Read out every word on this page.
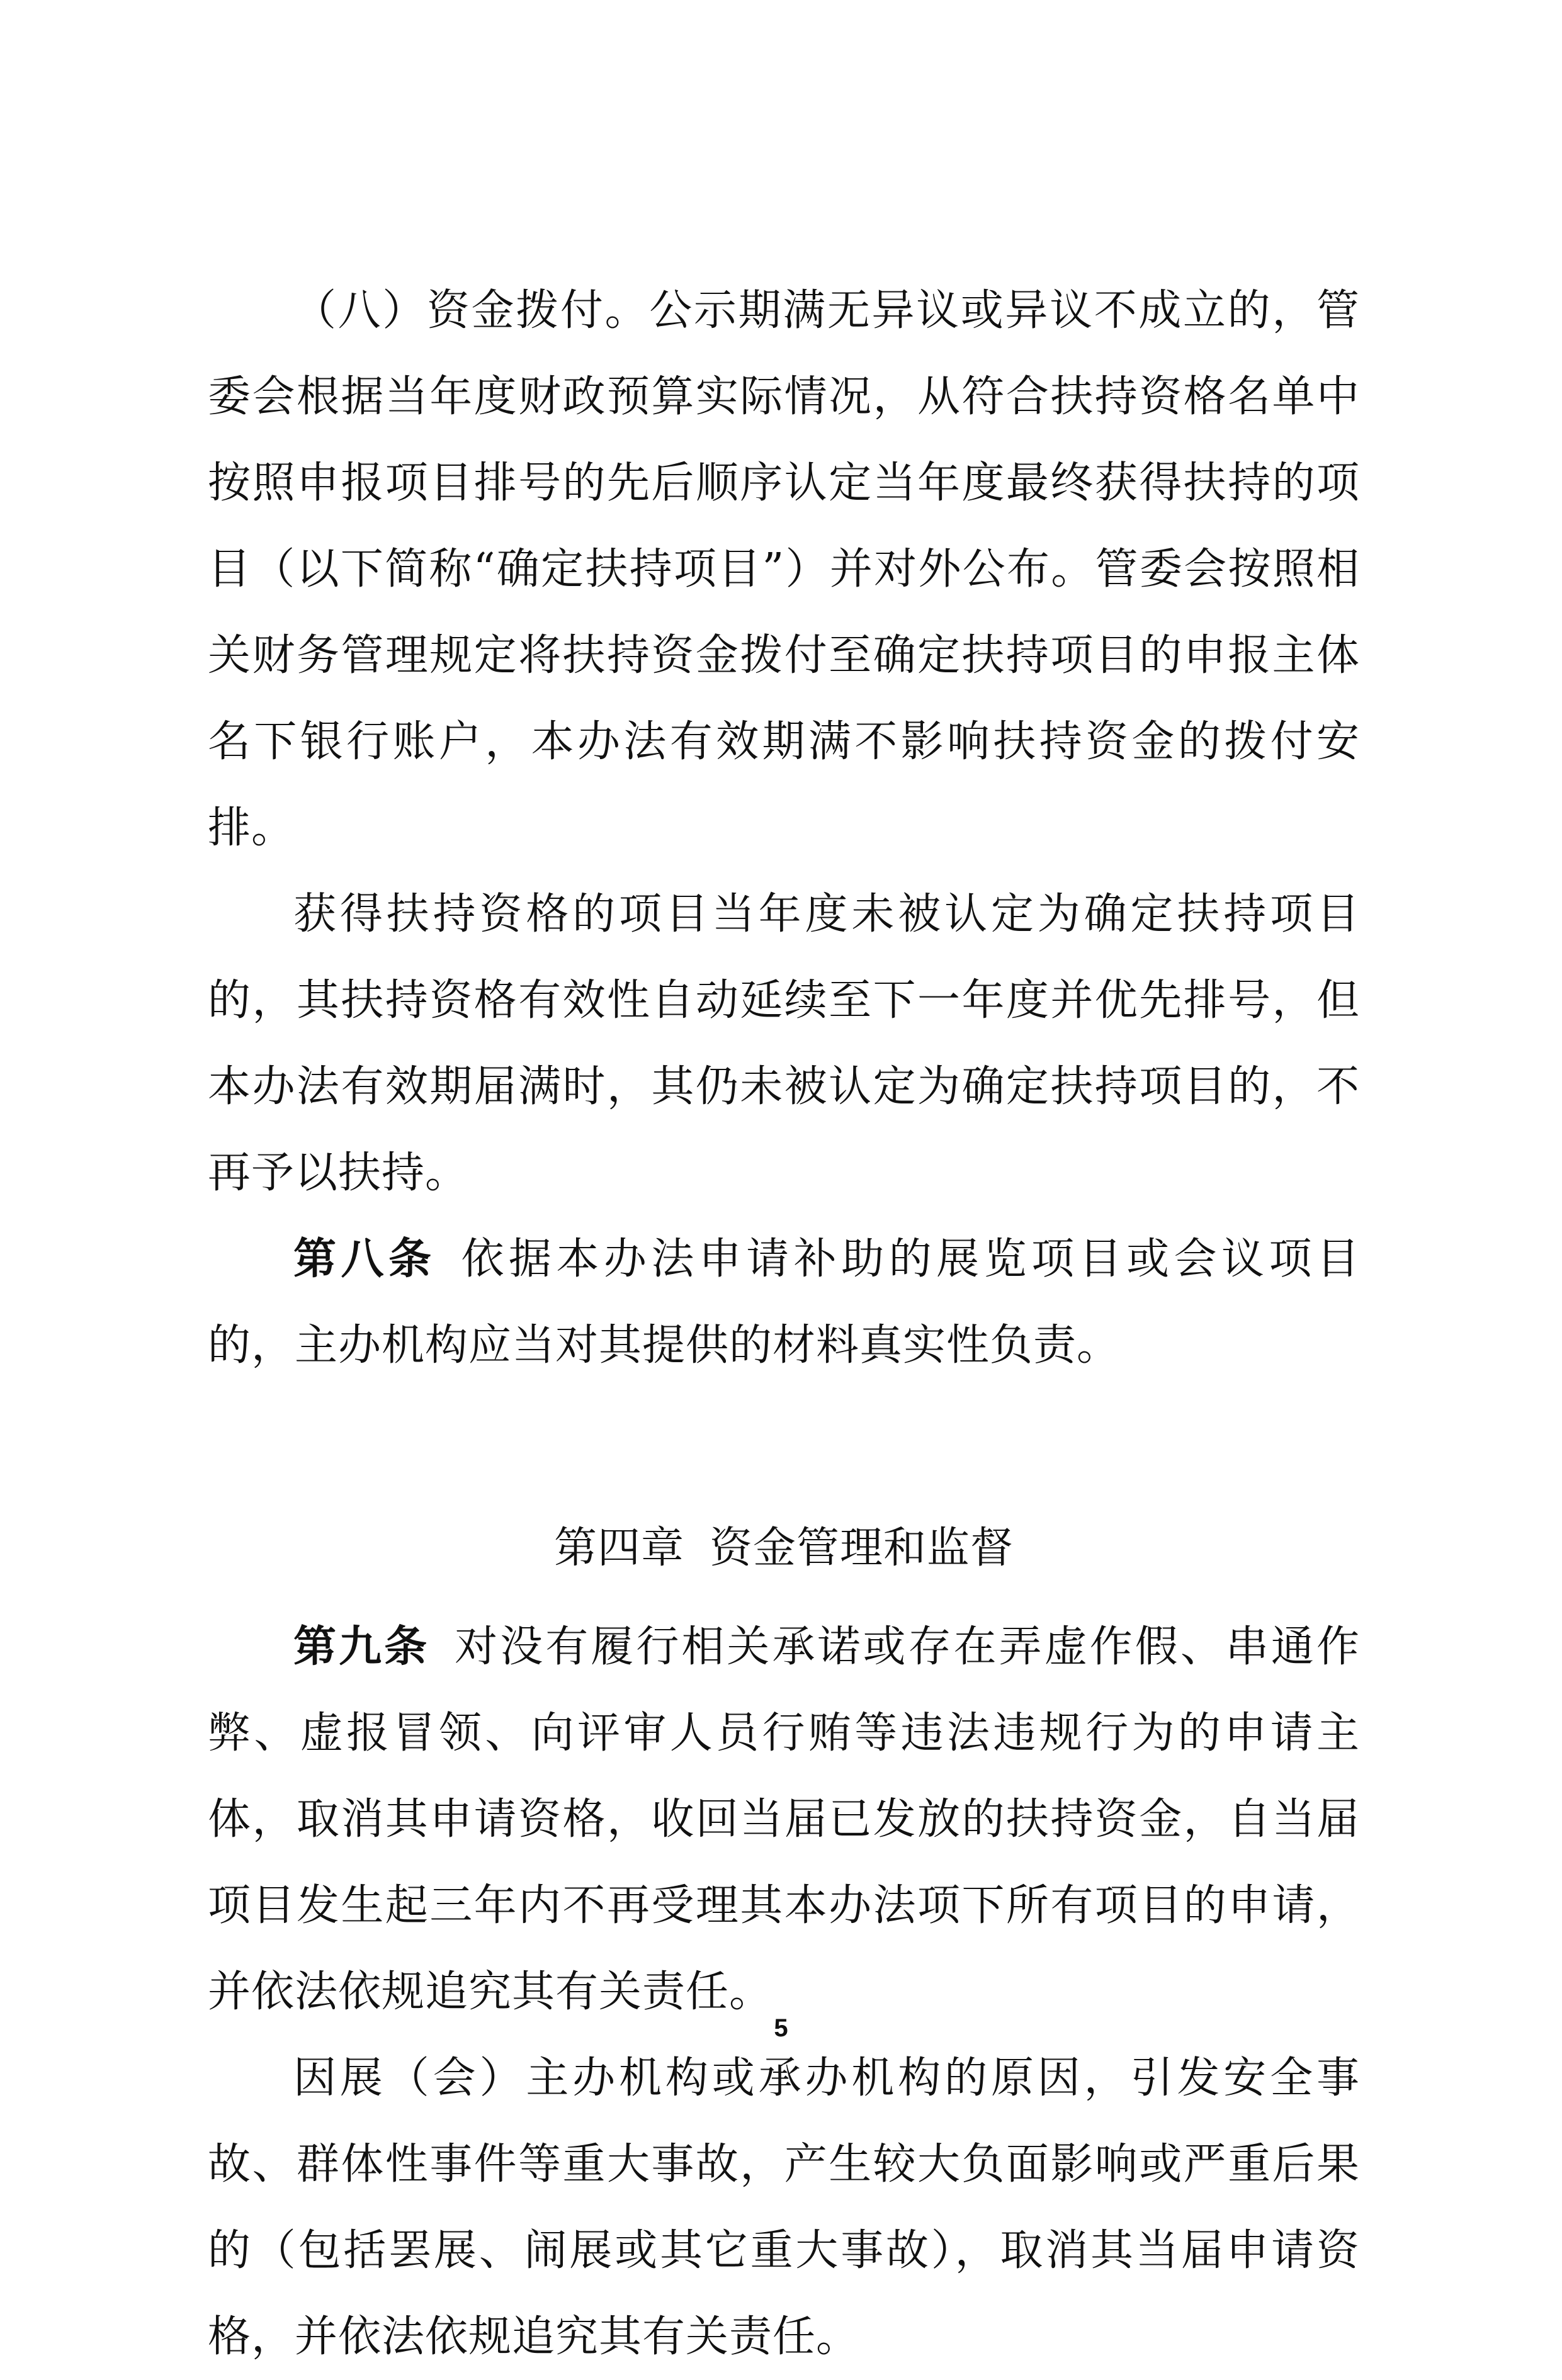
（八）资金拨付。公示期满无异议或异议不成立的，管委会根据当年度财政预算实际情况，从符合扶持资格名单中按照申报项目排号的先后顺序认定当年度最终获得扶持的项目（以下简称“确定扶持项目”）并对外公布。管委会按照相关财务管理规定将扶持资金拨付至确定扶持项目的申报主体名下银行账户，本办法有效期满不影响扶持资金的拨付安排。

获得扶持资格的项目当年度未被认定为确定扶持项目的，其扶持资格有效性自动延续至下一年度并优先排号，但本办法有效期届满时，其仍未被认定为确定扶持项目的，不再予以扶持。

第八条 依据本办法申请补助的展览项目或会议项目的，主办机构应当对其提供的材料真实性负责。

第四章 资金管理和监督

第九条 对没有履行相关承诺或存在弄虚作假、串通作弊、虚报冒领、向评审人员行贿等违法违规行为的申请主体，取消其申请资格，收回当届已发放的扶持资金，自当届项目发生起三年内不再受理其本办法项下所有项目的申请，并依法依规追究其有关责任。

因展（会）主办机构或承办机构的原因，引发安全事故、群体性事件等重大事故，产生较大负面影响或严重后果的（包括罢展、闹展或其它重大事故），取消其当届申请资格，并依法依规追究其有关责任。

5
